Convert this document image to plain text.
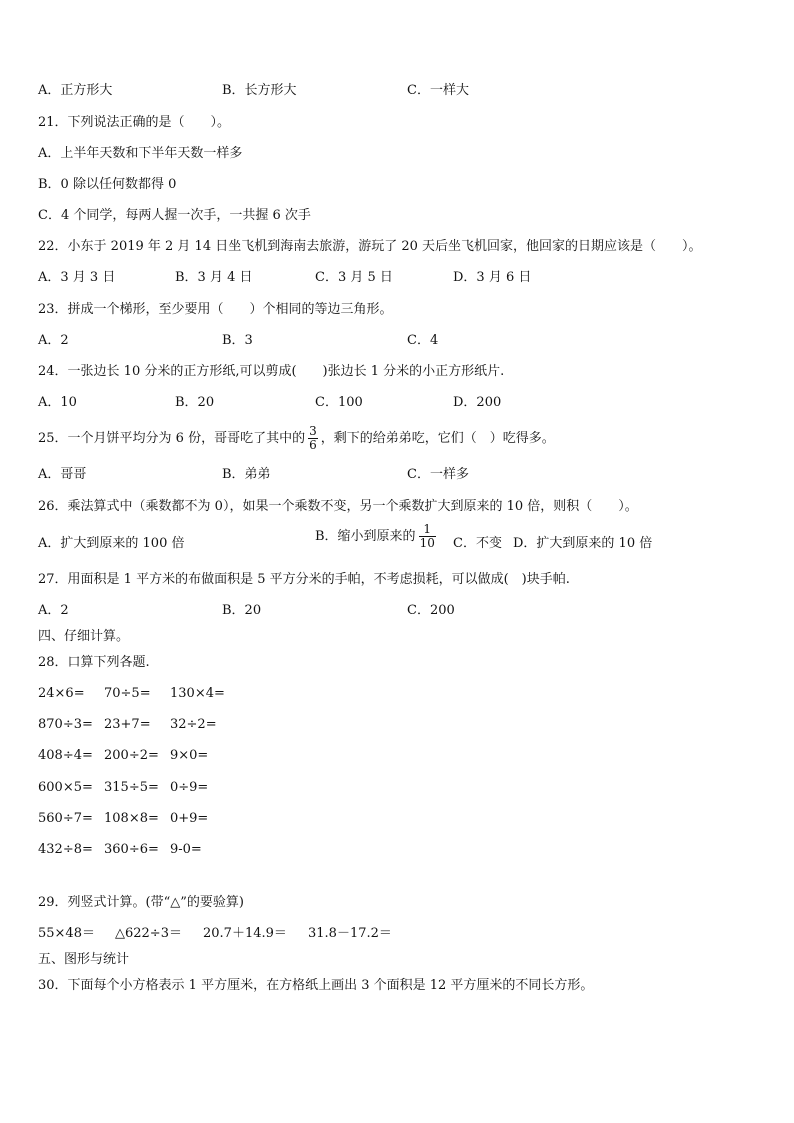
A．正方形大	B．长方形大	C．一样大
21．下列说法正确的是（　　）。
A．上半年天数和下半年天数一样多
B．0 除以任何数都得 0
C．4 个同学，每两人握一次手，一共握 6 次手
22．小东于 2019 年 2 月 14 日坐飞机到海南去旅游，游玩了 20 天后坐飞机回家，他回家的日期应该是（　　）。
A．3 月 3 日	B．3 月 4 日	C．3 月 5 日	D．3 月 6 日
23．拼成一个梯形，至少要用（　　）个相同的等边三角形。
A．2	B．3	C．4
24．一张边长 10 分米的正方形纸,可以剪成(　　)张边长 1 分米的小正方形纸片.
A．10	B．20	C．100	D．200
25．一个月饼平均分为 6 份，哥哥吃了其中的 $\frac{3}{6}$ ，剩下的给弟弟吃，它们（　）吃得多。
A．哥哥	B．弟弟	C．一样多
26．乘法算式中（乘数都不为 0），如果一个乘数不变，另一个乘数扩大到原来的 10 倍，则积（　　）。
A．扩大到原来的 100 倍	B．缩小到原来的 $\frac{1}{10}$ C．不变 D．扩大到原来的 10 倍
27．用面积是 1 平方米的布做面积是 5 平方分米的手帕，不考虑损耗，可以做成(　)块手帕.
A．2	B．20	C．200
四、仔细计算。
28．口算下列各题.
24×6= 70÷5= 130×4=
870÷3= 23+7= 32÷2=
408÷4= 200÷2= 9×0=
600×5= 315÷5= 0÷9=
560÷7= 108×8= 0+9=
432÷8= 360÷6= 9-0=
29．列竖式计算。(带“△”的要验算)
55×48＝ △622÷3＝ 20.7＋14.9＝ 31.8－17.2＝
五、图形与统计
30．下面每个小方格表示 1 平方厘米，在方格纸上画出 3 个面积是 12 平方厘米的不同长方形。
